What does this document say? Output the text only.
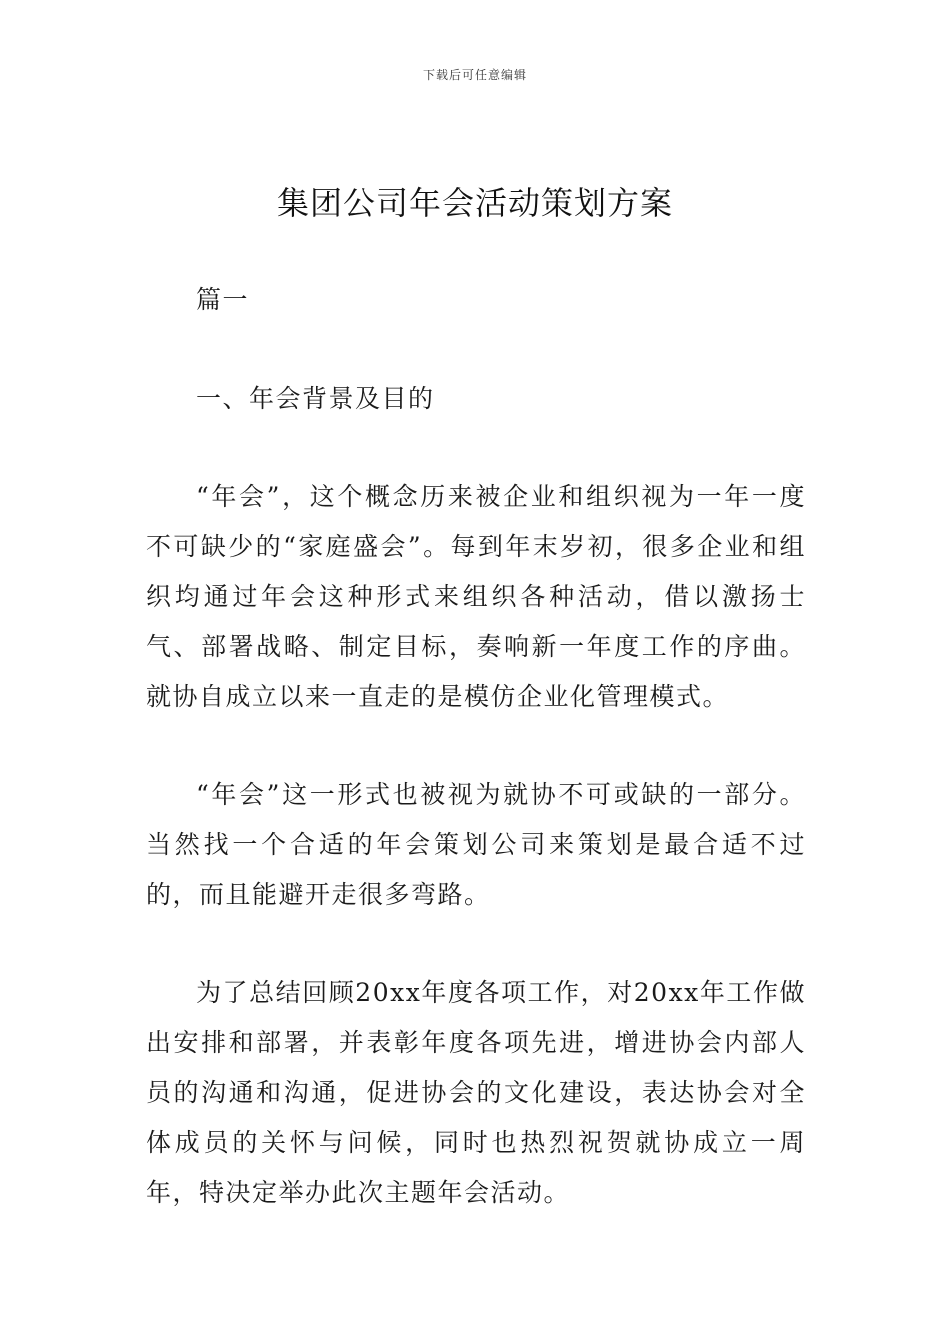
下载后可任意编辑
集团公司年会活动策划方案
篇一
一、年会背景及目的

“年会”，这个概念历来被企业和组织视为一年一度不可缺少的“家庭盛会”。每到年末岁初，很多企业和组织均通过年会这种形式来组织各种活动，借以激扬士气、部署战略、制定目标，奏响新一年度工作的序曲。就协自成立以来一直走的是模仿企业化管理模式。

“年会”这一形式也被视为就协不可或缺的一部分。当然找一个合适的年会策划公司来策划是最合适不过的，而且能避开走很多弯路。

为了总结回顾20xx年度各项工作，对20xx年工作做出安排和部署，并表彰年度各项先进，增进协会内部人员的沟通和沟通，促进协会的文化建设，表达协会对全体成员的关怀与问候，同时也热烈祝贺就协成立一周年，特决定举办此次主题年会活动。
